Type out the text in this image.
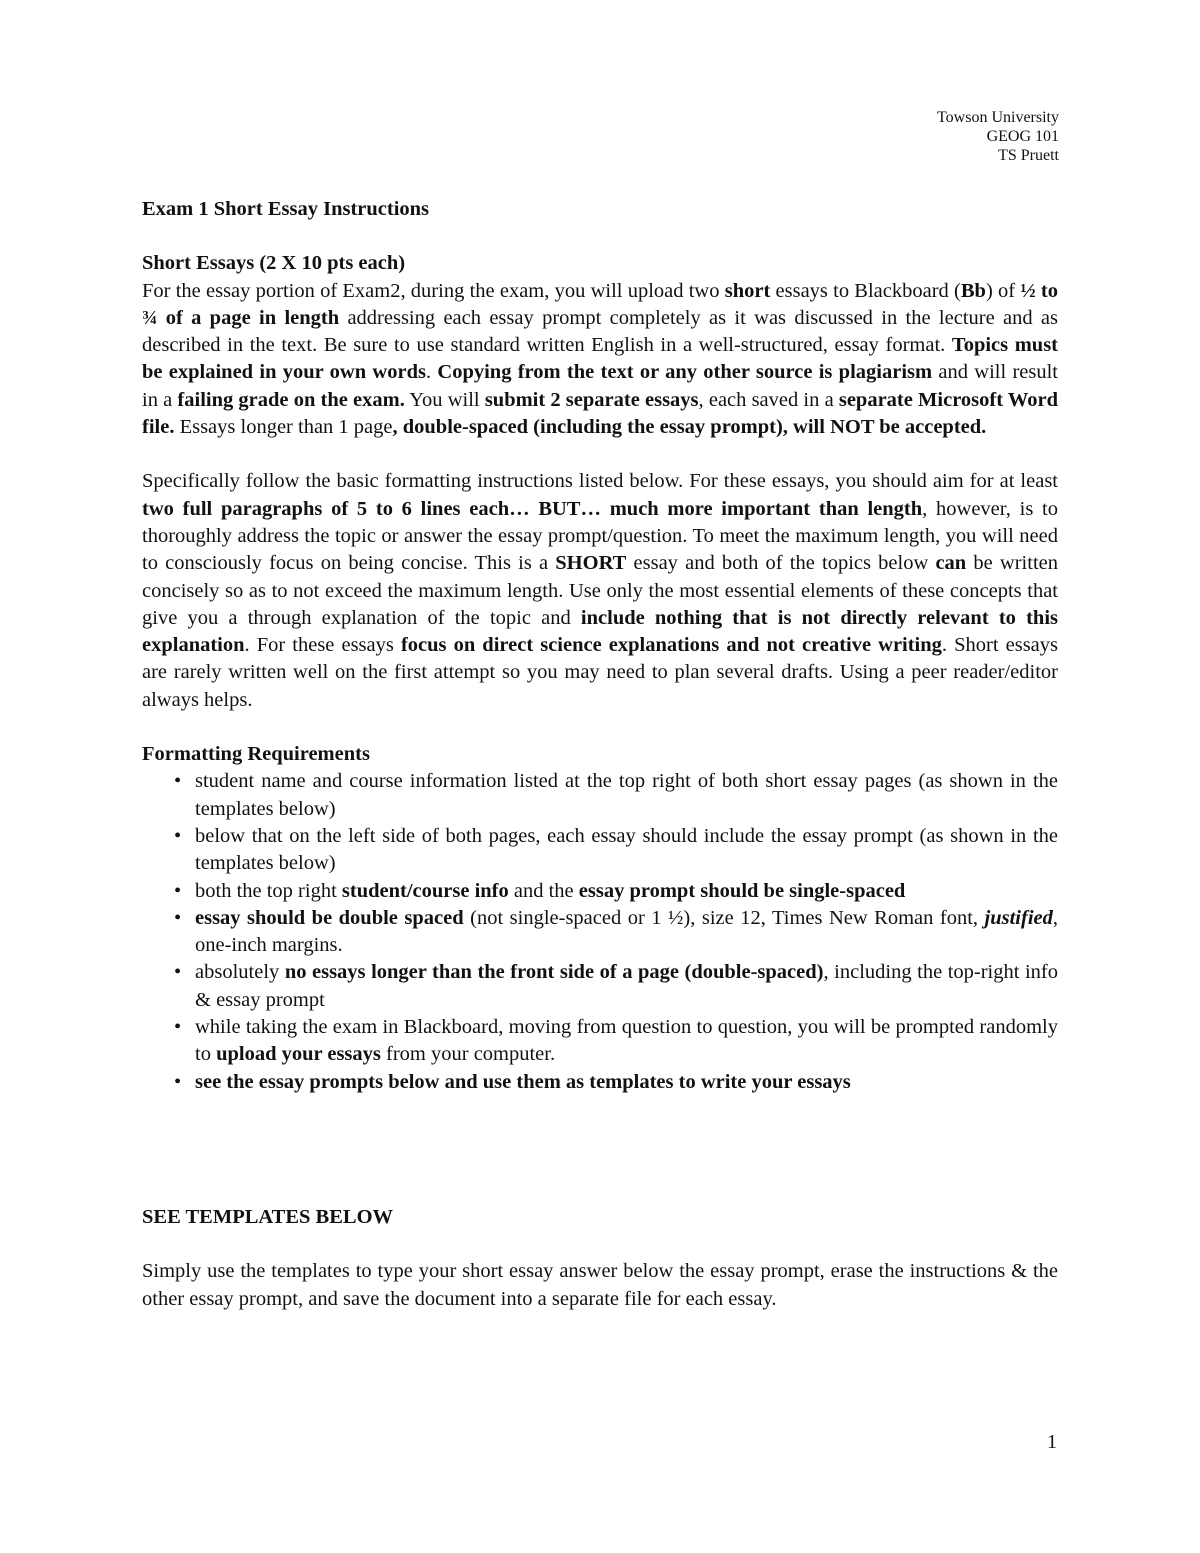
Towson University
GEOG 101
TS Pruett

Exam 1 Short Essay Instructions

Short Essays (2 X 10 pts each)

For the essay portion of Exam2, during the exam, you will upload two short essays to Blackboard (Bb) of ½ to ¾ of a page in length addressing each essay prompt completely as it was discussed in the lecture and as described in the text. Be sure to use standard written English in a well-structured, essay format. Topics must be explained in your own words. Copying from the text or any other source is plagiarism and will result in a failing grade on the exam. You will submit 2 separate essays, each saved in a separate Microsoft Word file. Essays longer than 1 page, double-spaced (including the essay prompt), will NOT be accepted.

Specifically follow the basic formatting instructions listed below. For these essays, you should aim for at least two full paragraphs of 5 to 6 lines each… BUT… much more important than length, however, is to thoroughly address the topic or answer the essay prompt/question. To meet the maximum length, you will need to consciously focus on being concise. This is a SHORT essay and both of the topics below can be written concisely so as to not exceed the maximum length. Use only the most essential elements of these concepts that give you a through explanation of the topic and include nothing that is not directly relevant to this explanation. For these essays focus on direct science explanations and not creative writing. Short essays are rarely written well on the first attempt so you may need to plan several drafts. Using a peer reader/editor always helps.

Formatting Requirements

• student name and course information listed at the top right of both short essay pages (as shown in the templates below)
• below that on the left side of both pages, each essay should include the essay prompt (as shown in the templates below)
• both the top right student/course info and the essay prompt should be single-spaced
• essay should be double spaced (not single-spaced or 1 ½), size 12, Times New Roman font, justified, one-inch margins.
• absolutely no essays longer than the front side of a page (double-spaced), including the top-right info & essay prompt
• while taking the exam in Blackboard, moving from question to question, you will be prompted randomly to upload your essays from your computer.
• see the essay prompts below and use them as templates to write your essays

SEE TEMPLATES BELOW

Simply use the templates to type your short essay answer below the essay prompt, erase the instructions & the other essay prompt, and save the document into a separate file for each essay.

1
